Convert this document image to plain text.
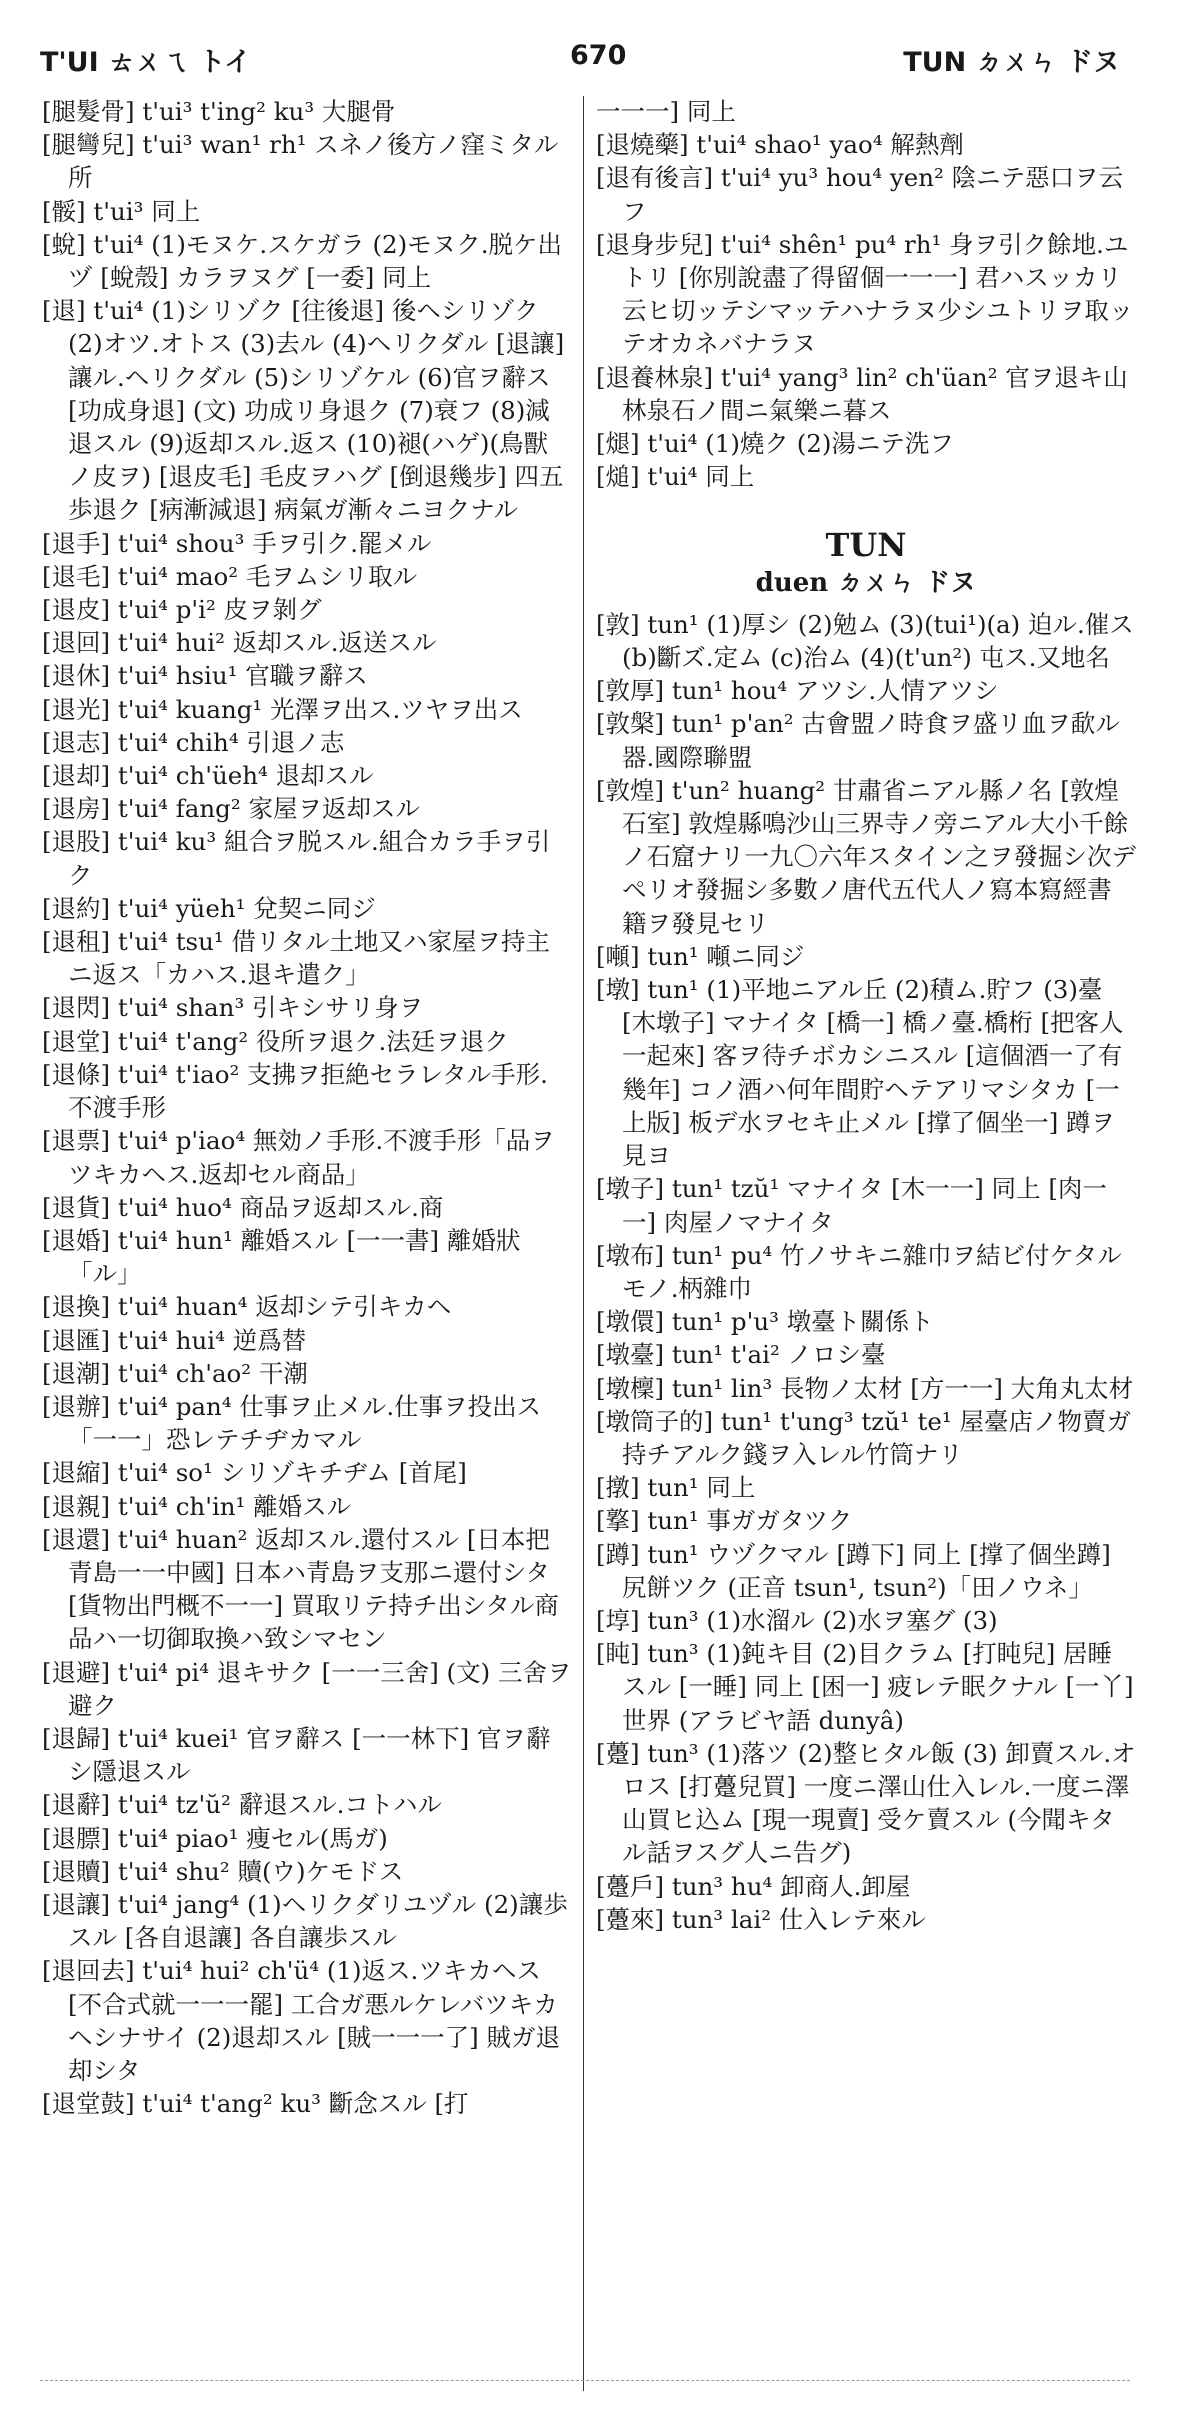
T'UI ㄊㄨㄟ トイ	670	TUN ㄉㄨㄣ ドヌ

[腿髮骨] t'ui³ t'ing² ku³ 大腿骨

[腿彎兒] t'ui³ wan¹ rh¹ スネノ後方ノ窪ミタル所

[骽] t'ui³ 同上

[蛻] t'ui⁴ (1)モヌケ.スケガラ (2)モヌク.脱ケ出ヅ [蛻殼] カラヲヌグ [一委] 同上

[退] t'ui⁴ (1)シリゾク [往後退] 後ヘシリゾク (2)オツ.オトス (3)去ル (4)ヘリクダル [退讓] 讓ル.ヘリクダル (5)シリゾケル (6)官ヲ辭ス [功成身退] (文) 功成リ身退ク (7)衰フ (8)減退スル (9)返却スル.返ス (10)褪(ハゲ)(鳥獸ノ皮ヲ) [退皮毛] 毛皮ヲハグ [倒退幾步] 四五歩退ク [病漸減退] 病氣ガ漸々ニヨクナル

[退手] t'ui⁴ shou³ 手ヲ引ク.罷メル

[退毛] t'ui⁴ mao² 毛ヲムシリ取ル

[退皮] t'ui⁴ p'i² 皮ヲ剝グ

[退回] t'ui⁴ hui² 返却スル.返送スル

[退休] t'ui⁴ hsiu¹ 官職ヲ辭ス

[退光] t'ui⁴ kuang¹ 光澤ヲ出ス.ツヤヲ出ス

[退志] t'ui⁴ chih⁴ 引退ノ志

[退却] t'ui⁴ ch'üeh⁴ 退却スル

[退房] t'ui⁴ fang² 家屋ヲ返却スル

[退股] t'ui⁴ ku³ 組合ヲ脱スル.組合カラ手ヲ引ク

[退約] t'ui⁴ yüeh¹ 兌契ニ同ジ

[退租] t'ui⁴ tsu¹ 借リタル土地又ハ家屋ヲ持主ニ返ス「カハス.退キ遣ク」

[退閃] t'ui⁴ shan³ 引キシサリ身ヲ

[退堂] t'ui⁴ t'ang² 役所ヲ退ク.法廷ヲ退ク

[退條] t'ui⁴ t'iao² 支拂ヲ拒絶セラレタル手形.不渡手形

[退票] t'ui⁴ p'iao⁴ 無効ノ手形.不渡手形「品ヲツキカヘス.返却セル商品」

[退貨] t'ui⁴ huo⁴ 商品ヲ返却スル.商

[退婚] t'ui⁴ hun¹ 離婚スル [一一書] 離婚狀「ル」

[退換] t'ui⁴ huan⁴ 返却シテ引キカヘ

[退匯] t'ui⁴ hui⁴ 逆爲替

[退潮] t'ui⁴ ch'ao² 干潮

[退辦] t'ui⁴ pan⁴ 仕事ヲ止メル.仕事ヲ投出ス「一一」恐レテチヂカマル

[退縮] t'ui⁴ so¹ シリゾキチヂム [首尾]

[退親] t'ui⁴ ch'in¹ 離婚スル

[退還] t'ui⁴ huan² 返却スル.還付スル [日本把青島一一中國] 日本ハ青島ヲ支那ニ還付シタ [貨物出門概不一一] 買取リテ持チ出シタル商品ハ一切御取換ハ致シマセン

[退避] t'ui⁴ pi⁴ 退キサク [一一三舍] (文) 三舍ヲ避ク

[退歸] t'ui⁴ kuei¹ 官ヲ辭ス [一一林下] 官ヲ辭シ隱退スル

[退辭] t'ui⁴ tz'ŭ² 辭退スル.コトハル

[退膘] t'ui⁴ piao¹ 痩セル(馬ガ)

[退贖] t'ui⁴ shu² 贖(ウ)ケモドス

[退讓] t'ui⁴ jang⁴ (1)ヘリクダリユヅル (2)讓歩スル [各自退讓] 各自讓歩スル

[退回去] t'ui⁴ hui² ch'ü⁴ (1)返ス.ツキカヘス [不合式就一一一罷] 工合ガ悪ルケレバツキカヘシナサイ (2)退却スル [賊一一一了] 賊ガ退却シタ

[退堂鼓] t'ui⁴ t'ang² ku³ 斷念スル [打

一一一] 同上

[退燒藥] t'ui⁴ shao¹ yao⁴ 解熱劑

[退有後言] t'ui⁴ yu³ hou⁴ yen² 陰ニテ惡口ヲ云フ

[退身步兒] t'ui⁴ shên¹ pu⁴ rh¹ 身ヲ引ク餘地.ユトリ [你別說盡了得留個一一一] 君ハスッカリ云ヒ切ッテシマッテハナラヌ少シユトリヲ取ッテオカネバナラヌ

[退養林泉] t'ui⁴ yang³ lin² ch'üan² 官ヲ退キ山林泉石ノ間ニ氣樂ニ暮ス

[煺] t'ui⁴ (1)燒ク (2)湯ニテ洗フ

[㷟] t'ui⁴ 同上

TUN
duen ㄉㄨㄣ ドヌ

[敦] tun¹ (1)厚シ (2)勉ム (3)(tui¹)(a) 迫ル.催ス (b)斷ズ.定ム (c)治ム (4)(t'un²) 屯ス.又地名

[敦厚] tun¹ hou⁴ アツシ.人情アツシ

[敦槃] tun¹ p'an² 古會盟ノ時食ヲ盛リ血ヲ歃ル器.國際聯盟

[敦煌] t'un² huang² 甘肅省ニアル縣ノ名 [敦煌石室] 敦煌縣鳴沙山三界寺ノ旁ニアル大小千餘ノ石窟ナリ一九〇六年スタイン之ヲ發掘シ次デペリオ發掘シ多數ノ唐代五代人ノ寫本寫經書籍ヲ發見セリ

[噸] tun¹ 噸ニ同ジ

[墩] tun¹ (1)平地ニアル丘 (2)積ム.貯フ (3)臺 [木墩子] マナイタ [橋一] 橋ノ臺.橋桁 [把客人一起來] 客ヲ待チボカシニスル [這個酒一了有幾年] コノ酒ハ何年間貯ヘテアリマシタカ [一上版] 板デ水ヲセキ止メル [撑了個坐一] 蹲ヲ見ヨ

[墩子] tun¹ tzŭ¹ マナイタ [木一一] 同上 [肉一一] 肉屋ノマナイタ

[墩布] tun¹ pu⁴ 竹ノサキニ雜巾ヲ結ビ付ケタルモノ.柄雜巾

[墩儇] tun¹ p'u³ 墩臺ト關係ト

[墩臺] tun¹ t'ai² ノロシ臺

[墩檁] tun¹ lin³ 長物ノ太材 [方一一] 大角丸太材

[墩筒子的] tun¹ t'ung³ tzŭ¹ te¹ 屋臺店ノ物賣ガ持チアルク錢ヲ入レル竹筒ナリ

[撴] tun¹ 同上

[撉] tun¹ 事ガガタツク

[蹲] tun¹ ウヅクマル [蹲下] 同上 [撑了個坐蹲] 尻餅ツク (正音 tsun¹, tsun²)「田ノウネ」

[埻] tun³ (1)水溜ル (2)水ヲ塞グ (3)

[盹] tun³ (1)鈍キ目 (2)目クラム [打盹兒] 居睡スル [一睡] 同上 [困一] 疲レテ眠クナル [一丫] 世界 (アラビヤ語 dunyâ)

[躉] tun³ (1)落ツ (2)整ヒタル飯 (3) 卸賣スル.オロス [打躉兒買] 一度ニ澤山仕入レル.一度ニ澤山買ヒ込ム [現一現賣] 受ケ賣スル (今聞キタル話ヲスグ人ニ告グ)

[躉戶] tun³ hu⁴ 卸商人.卸屋

[躉來] tun³ lai² 仕入レテ來ル
